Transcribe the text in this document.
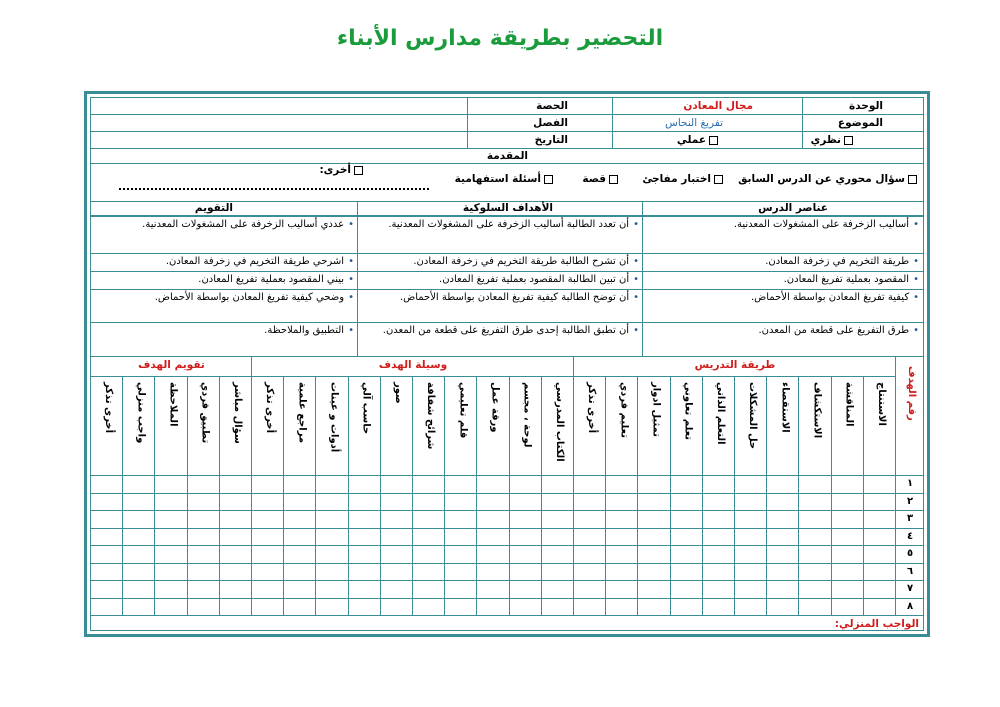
التحضير بطريقة مدارس الأبناء
الوحدة
مجال المعادن
الحصة
الموضوع
تفريغ النحاس
الفصل
نظري
عملي
التاريخ
المقدمة
سؤال محوري عن الدرس السابق
اختبار مفاجئ
قصة
أسئلة استفهامية
أخرى:
عناصر الدرس
الأهداف السلوكية
التقويم
•أساليب الزخرفة على المشغولات المعدنية.
•أن تعدد الطالبة أساليب الزخرفة على المشغولات المعدنية.
•عددي أساليب الزخرفة على المشغولات المعدنية.
•طريقة التخريم في زخرفة المعادن.
•أن تشرح الطالبة طريقة التخريم في زخرفة المعادن.
•اشرحي طريقة التخريم في زخرفة المعادن.
•المقصود بعملية تفريغ المعادن.
•أن تبين الطالبة المقصود بعملية تفريغ المعادن.
•بيني المقصود بعملية تفريغ المعادن.
•كيفية تفريغ المعادن بواسطة الأحماض.
•أن توضح الطالبة كيفية تفريغ المعادن بواسطة الأحماض.
•وضحي كيفية تفريغ المعادن بواسطة الأحماض.
•طرق التفريغ على قطعة من المعدن.
•أن تطبق الطالبة إحدى طرق التفريغ على قطعة من المعدن.
•التطبيق والملاحظة.
طريقة التدريس
وسيلة الهدف
تقويم الهدف
رقم الهدف
الاستنتاج
المناقشة
الاستكشاف
الاستقصاء
حل المشكلات
التعلم الذاتي
تعلم تعاوني
تمثيل ادوار
تعليم فردي
أخرى تذكر
الكتاب المدرسي
لوحة ، مجسم
ورقة عمل
قلم تعليمي
شرائح شفافة
صور
حاسب آلي
أدوات و عينات
مراجع علمية
أخرى تذكر
سؤال مباشر
تطبيق فردي
الملاحظة
واجب منزلي
أخرى تذكر
١
٢
٣
٤
٥
٦
٧
٨
الواجب المنزلي:
